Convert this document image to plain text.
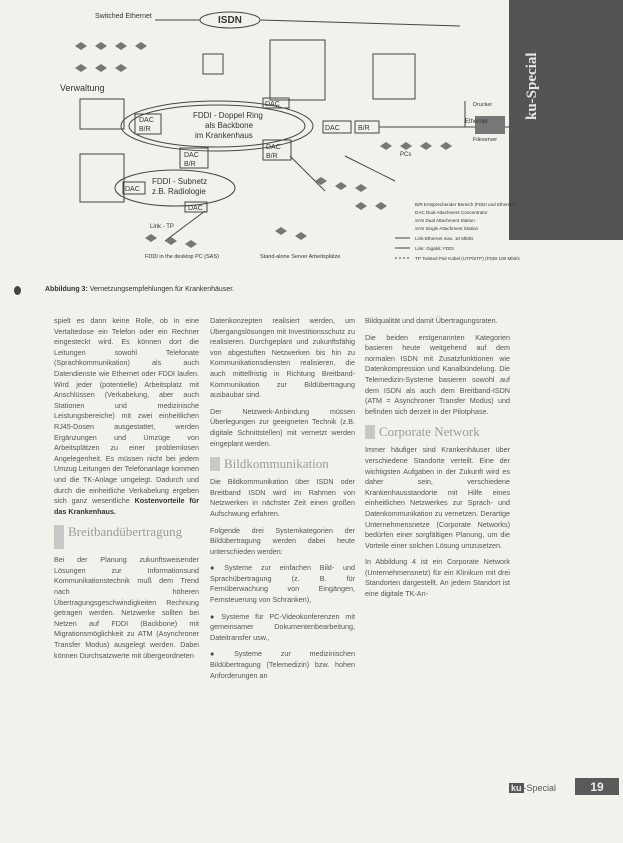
ku-Special
Switched Ethernet	ISDN
Verwaltung
FDDI - Doppel Ring
als Backbone
im Krankenhaus
FDDI - Subnetz
z.B. Radiologie
DAC
B/R
DAC
DAC	B/R
DAC
B/R
DAC
B/R
DAC
DAC
Ethernet
PCs
Link - TP
FDDI in the desktop PC (SAS)	Stand-alone Server Arbeitsplätze
Fileserver
Drucker
B/R Entsprechender Bereich (FDDI und Ethernet)
DAC Dual Attachment Concentrator
SAS Dual Attachment Station
SAS Single Attachment Station
Link-Ethernet max. 10 Mbit/s
Link: Gigabit: FDDI
TP Twisted Pair Kabel (UTP/STP) (FDDI 100 Mbit/s)
Abbildung 3: Vernetzungsempfehlungen für Krankenhäuser.

spielt es dann keine Rolle, ob in eine Vertaltedose ein Telefon oder ein Rechner eingesteckt wird. Es können dort die Leitungen sowohl Telefonate (Sprachkommunikation) als auch Datendienste wie Ethernet oder FDDI laufen. Wird jeder (potentielle) Arbeitsplatz mit Anschlüssen (Verkabelung, aber auch Stationen und medizinische Leistungsbereiche) mit zwei einheitlichen RJ45-Dosen ausgestattet, werden Ergänzungen und Umzüge von Arbeitsplätzen zu einer problemlosen Angelegenheit. Es müssen nicht bei jedem Umzug Leitungen der Telefonanlage kommen und die TK-Anlage umgelegt. Dadurch und durch die einheitliche Verkabelung ergeben sich ganz wesentliche Kostenvorteile für das Krankenhaus.

Breitbandübertragung

Bei der Planung zukunftsweisender Lösungen zur Informationsund Kommunikationstechnik muß dem Trend nach höheren Übertragungsgeschwindigkeiten Rechnung getragen werden. Netzwerke sollten bei Netzen auf FDDI (Backbone) mit Migrationsmöglichkeit zu ATM (Asynchroner Transfer Modus) ausgelegt werden. Dabei können Durchsatzwerte mit übergeordneten

Datenkonzepten realisiert werden, um Übergangslösungen mit Investitionsschutz zu realisieren. Durchgeplant und zukunftsfähig von abgestuften Netzwerken bis hin zu Kommunikationsdiensten realisieren, die auch mittelfristig in Richtung Breitband-Kommunikation zur Bildübertragung ausbaubar sind.

Der Netzwerk-Anbindung müssen Überlegungen zur geeigneten Technik (z.B. digitale Schnittstellen) mit vernetzt werden eingeplant werden.

Bildkommunikation

Die Bildkommunikation über ISDN oder Breitband ISDN wird im Rahmen von Netzwerken in nächster Zeit einen großen Aufschwung erfahren.

Folgende drei Systemkategorien der Bildübertragung werden dabei heute unterschieden werden:

● Systeme zur einfachen Bild- und Sprachübertragung (z. B. für Fernüberwachung von Eingängen, Fernsteuerung von Schranken),

● Systeme für PC-Videokonferenzen mit gemeinsamer Dokumentenbearbeitung, Dateitransfer usw.,

● Systeme zur medizinischen Bildübertragung (Telemedizin) bzw. hohen Anforderungen an

Bildqualität und damit Übertragungsraten.

Die beiden erstgenannten Kategorien basieren heute weitgehend auf dem normalen ISDN mit Zusatzfunktionen wie Datenkompression und Kanalbündelung. Die Telemedizin-Systeme basieren sowohl auf dem ISDN als auch dem Breitband-ISDN (ATM = Asynchroner Transfer Modus) und befinden sich derzeit in der Pilotphase.

Corporate Network

Immer häufiger sind Krankenhäuser über verschiedene Standorte verteilt. Eine der wichtigsten Aufgaben in der Zukunft wird es daher sein, verschiedene Krankenhausstandorte mit Hilfe eines einheitlichen Netzwerkes zur Sprach- und Datenkommunikation zu vernetzen. Derartige Unternehmensnetze (Corporate Networks) bedürfen einer sorgfältigen Planung, um die Vorteile einer solchen Lösung umzusetzen.

In Abbildung 4 ist ein Corporate Network (Unternehmensnetz) für ein Klinikum mit drei Standorten dargestellt. An jedem Standort ist eine digitale TK-An-

ku -Special	19
